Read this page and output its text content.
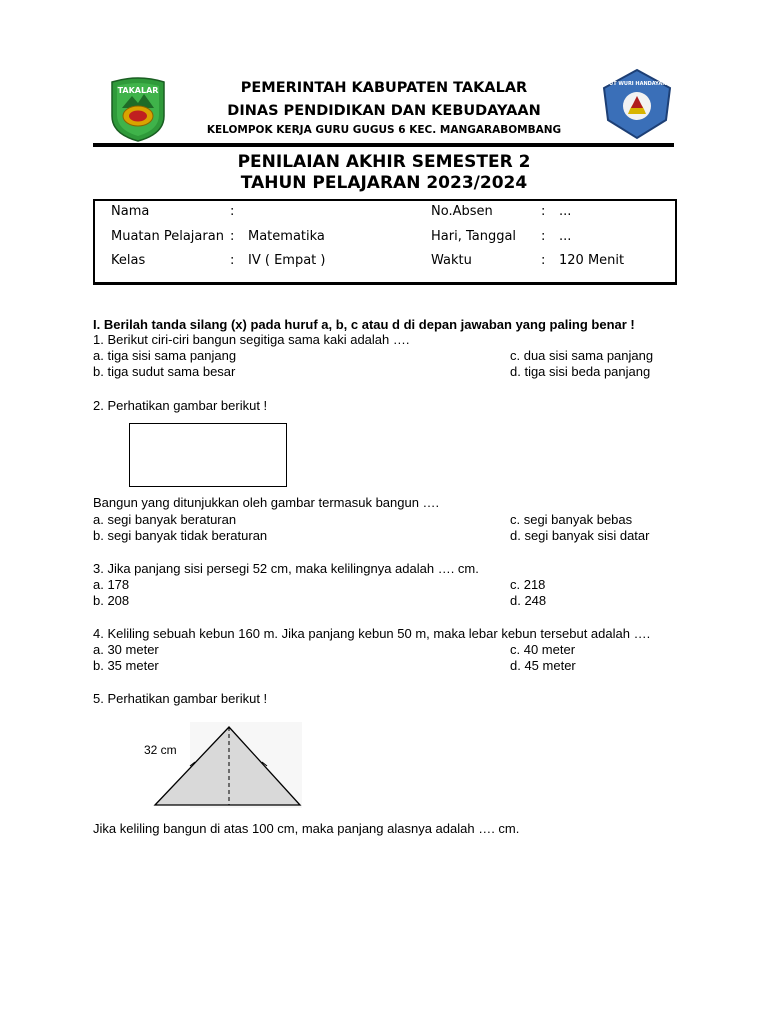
TAKALAR
TUT WURI HANDAYANI
PEMERINTAH KABUPATEN TAKALAR
DINAS PENDIDIKAN DAN KEBUDAYAAN
KELOMPOK KERJA GURU GUGUS 6 KEC. MANGARABOMBANG
PENILAIAN AKHIR SEMESTER 2
TAHUN PELAJARAN 2023/2024
Nama	:	No.Absen	: ...
Muatan Pelajaran : Matematika	Hari, Tanggal : ...
Kelas	: IV ( Empat )	Waktu	: 120 Menit
I. Berilah tanda silang (x) pada huruf a, b, c atau d di depan jawaban yang paling benar !
1. Berikut ciri-ciri bangun segitiga sama kaki adalah ….
a. tiga sisi sama panjang	c. dua sisi sama panjang
b. tiga sudut sama besar	d. tiga sisi beda panjang
2. Perhatikan gambar berikut !
Bangun yang ditunjukkan oleh gambar termasuk bangun ….
a. segi banyak beraturan	c. segi banyak bebas
b. segi banyak tidak beraturan	d. segi banyak sisi datar
3. Jika panjang sisi persegi 52 cm, maka kelilingnya adalah …. cm.
a. 178	c. 218
b. 208	d. 248
4. Keliling sebuah kebun 160 m. Jika panjang kebun 50 m, maka lebar kebun tersebut adalah ….
a. 30 meter	c. 40 meter
b. 35 meter	d. 45 meter
5. Perhatikan gambar berikut !
32 cm
Jika keliling bangun di atas 100 cm, maka panjang alasnya adalah …. cm.
